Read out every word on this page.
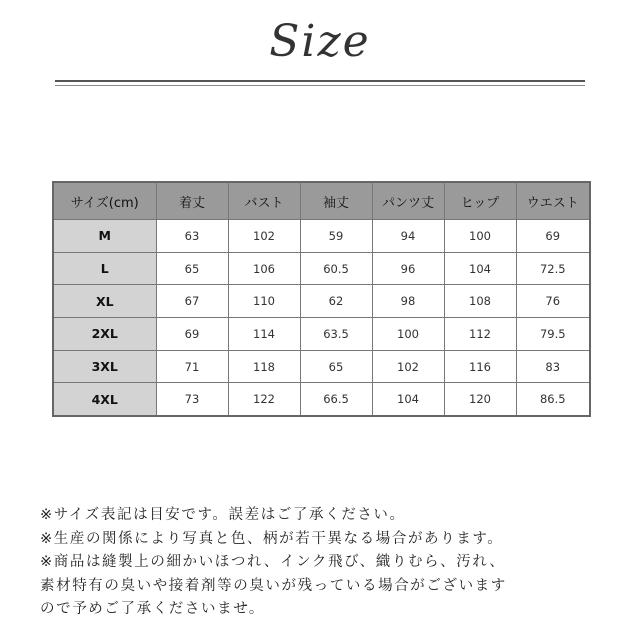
Size
サイズ(cm)	着丈	バスト	袖丈	パンツ丈	ヒップ	ウエスト
M	63	102	59	94	100	69
L	65	106	60.5	96	104	72.5
XL	67	110	62	98	108	76
2XL	69	114	63.5	100	112	79.5
3XL	71	118	65	102	116	83
4XL	73	122	66.5	104	120	86.5
※サイズ表記は目安です。誤差はご了承ください。
※生産の関係により写真と色、柄が若干異なる場合があります。
※商品は縫製上の細かいほつれ、インク飛び、織りむら、汚れ、
素材特有の臭いや接着剤等の臭いが残っている場合がございます
ので予めご了承くださいませ。
